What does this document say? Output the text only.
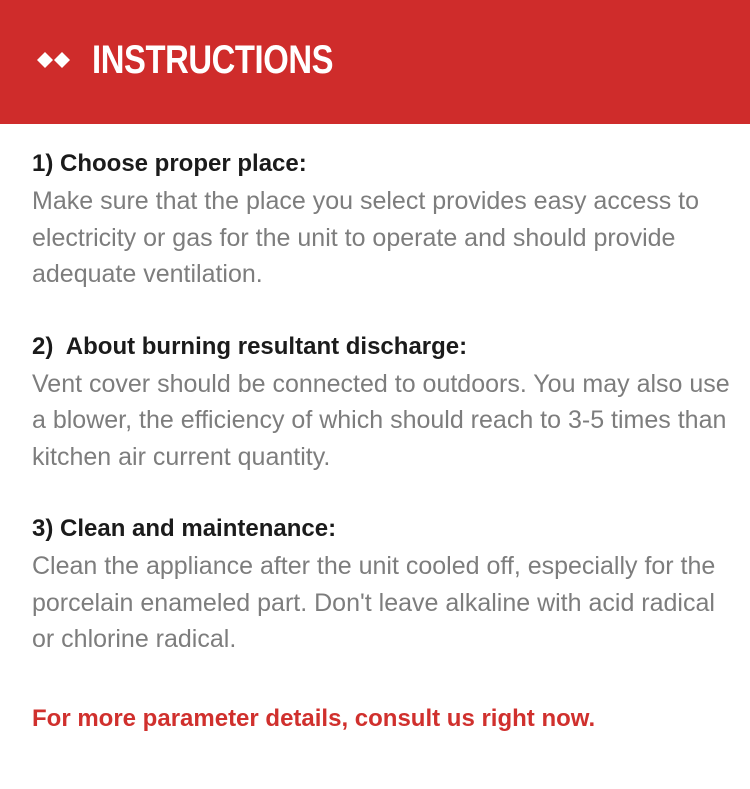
INSTRUCTIONS
1) Choose proper place:
Make sure that the place you select provides easy access to electricity or gas for the unit to operate and should provide adequate ventilation.
2)  About burning resultant discharge:
Vent cover should be connected to outdoors. You may also use a blower, the efficiency of which should reach to 3-5 times than kitchen air current quantity.
3) Clean and maintenance:
Clean the appliance after the unit cooled off, especially for the porcelain enameled part. Don't leave alkaline with acid radical or chlorine radical.
For more parameter details, consult us right now.
